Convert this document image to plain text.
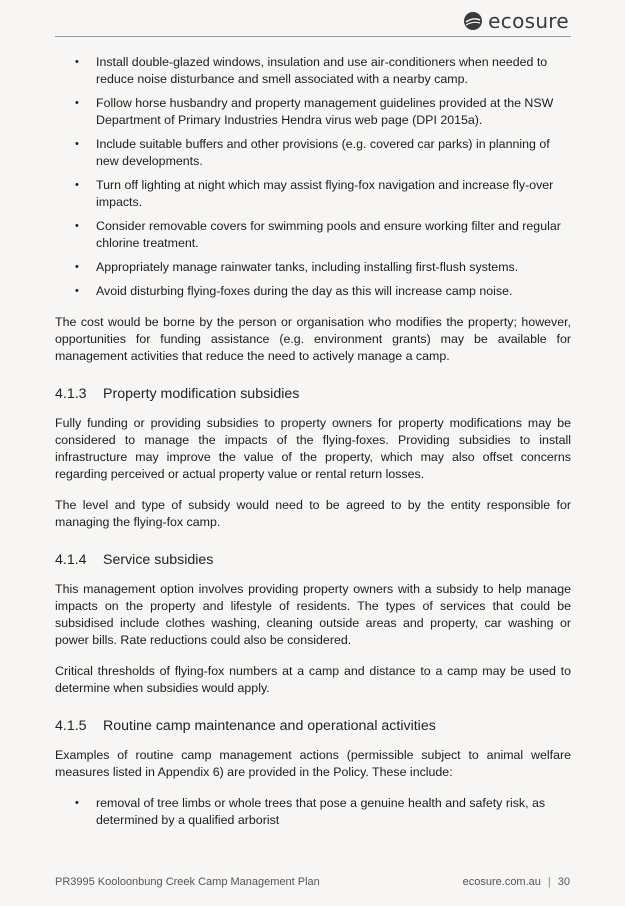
ecosure
• Install double-glazed windows, insulation and use air-conditioners when needed to reduce noise disturbance and smell associated with a nearby camp.
• Follow horse husbandry and property management guidelines provided at the NSW Department of Primary Industries Hendra virus web page (DPI 2015a).
• Include suitable buffers and other provisions (e.g. covered car parks) in planning of new developments.
• Turn off lighting at night which may assist flying-fox navigation and increase fly-over impacts.
• Consider removable covers for swimming pools and ensure working filter and regular chlorine treatment.
• Appropriately manage rainwater tanks, including installing first-flush systems.
• Avoid disturbing flying-foxes during the day as this will increase camp noise.

The cost would be borne by the person or organisation who modifies the property; however, opportunities for funding assistance (e.g. environment grants) may be available for management activities that reduce the need to actively manage a camp.

4.1.3	Property modification subsidies

Fully funding or providing subsidies to property owners for property modifications may be considered to manage the impacts of the flying-foxes. Providing subsidies to install infrastructure may improve the value of the property, which may also offset concerns regarding perceived or actual property value or rental return losses.

The level and type of subsidy would need to be agreed to by the entity responsible for managing the flying-fox camp.

4.1.4	Service subsidies

This management option involves providing property owners with a subsidy to help manage impacts on the property and lifestyle of residents. The types of services that could be subsidised include clothes washing, cleaning outside areas and property, car washing or power bills. Rate reductions could also be considered.

Critical thresholds of flying-fox numbers at a camp and distance to a camp may be used to determine when subsidies would apply.

4.1.5	Routine camp maintenance and operational activities

Examples of routine camp management actions (permissible subject to animal welfare measures listed in Appendix 6) are provided in the Policy. These include:

• removal of tree limbs or whole trees that pose a genuine health and safety risk, as determined by a qualified arborist
PR3995 Kooloonbung Creek Camp Management Plan	ecosure.com.au | 30
